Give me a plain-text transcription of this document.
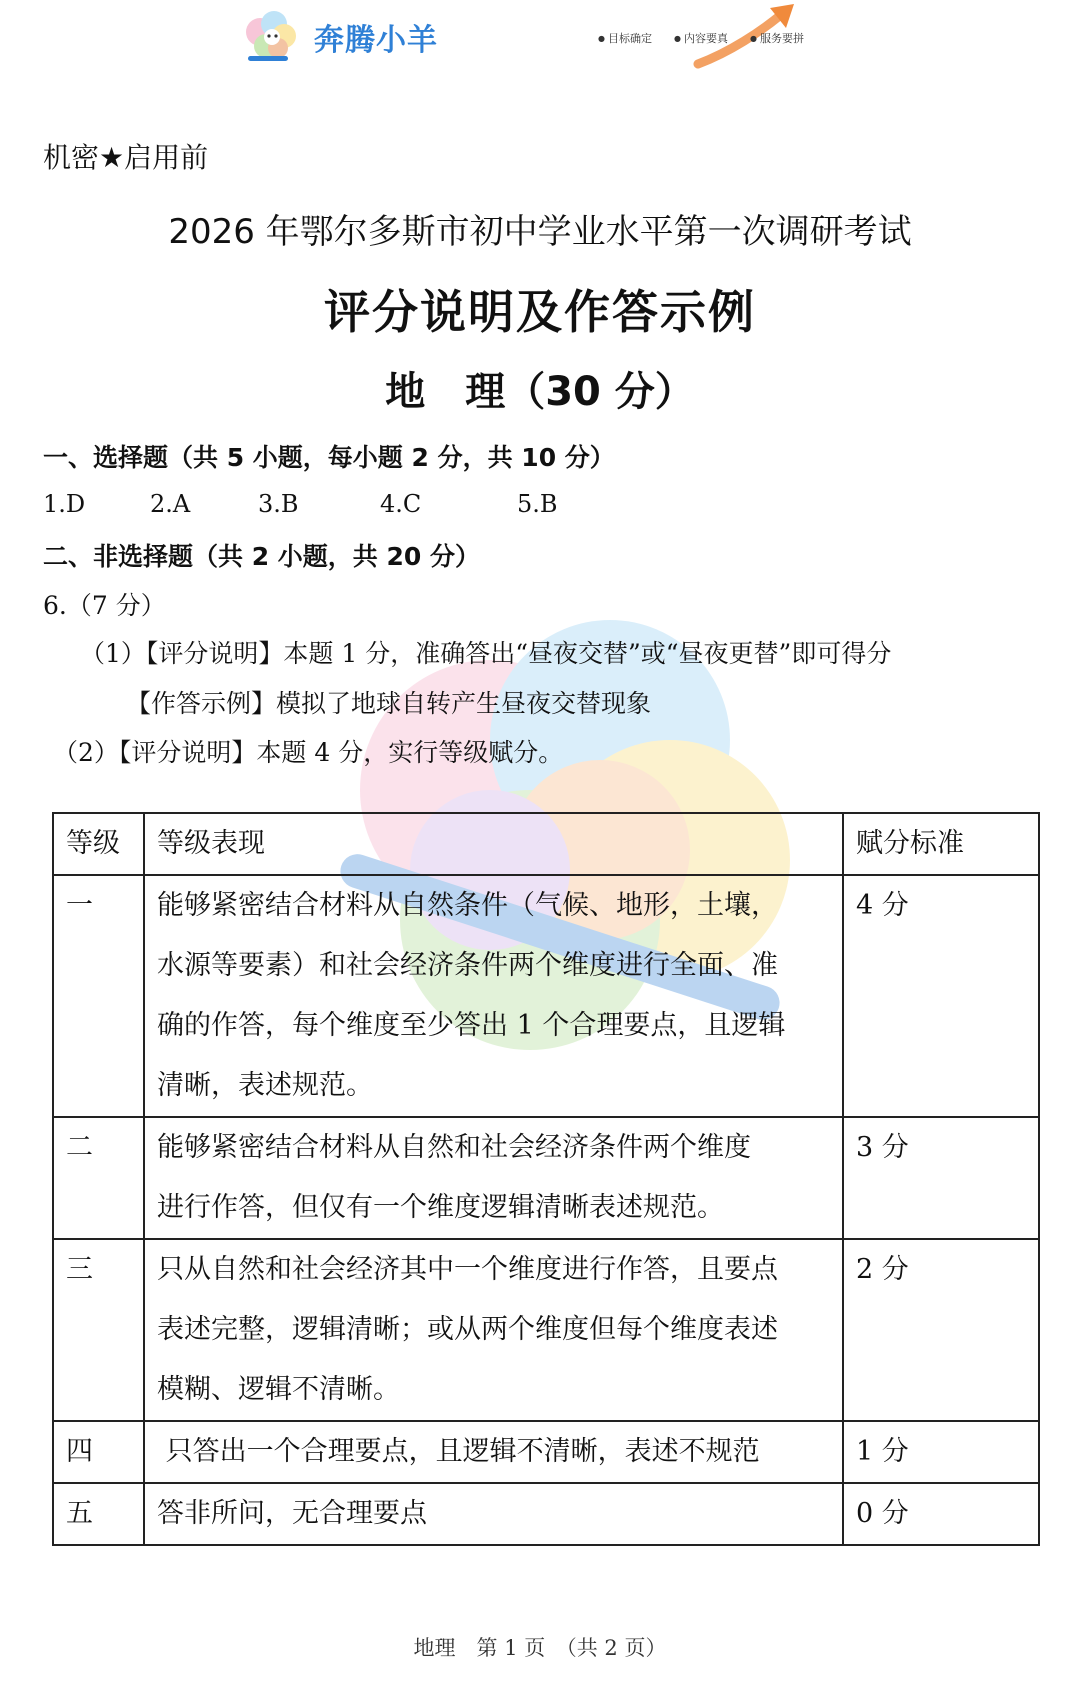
奔腾小羊	● 目标确定	● 内容要真	● 服务要拼
机密★启用前
2026 年鄂尔多斯市初中学业水平第一次调研考试
评分说明及作答示例
地　理（30 分）
一、选择题（共 5 小题，每小题 2 分，共 10 分）
1.D	2.A	3.B	4.C	5.B
二、非选择题（共 2 小题，共 20 分）
6.（7 分）
（1）【评分说明】本题 1 分，准确答出“昼夜交替”或“昼夜更替”即可得分
【作答示例】模拟了地球自转产生昼夜交替现象
（2）【评分说明】本题 4 分，实行等级赋分。
等级	等级表现	赋分标准
一	能够紧密结合材料从自然条件（气候、地形，土壤，
水源等要素）和社会经济条件两个维度进行全面、准
确的作答，每个维度至少答出 1 个合理要点，且逻辑
清晰，表述规范。	4 分
二	能够紧密结合材料从自然和社会经济条件两个维度
进行作答，但仅有一个维度逻辑清晰表述规范。	3 分
三	只从自然和社会经济其中一个维度进行作答，且要点
表述完整，逻辑清晰；或从两个维度但每个维度表述
模糊、逻辑不清晰。	2 分
四	只答出一个合理要点，且逻辑不清晰，表述不规范	1 分
五	答非所问，无合理要点	0 分
地理　第 1 页　（共 2 页）
